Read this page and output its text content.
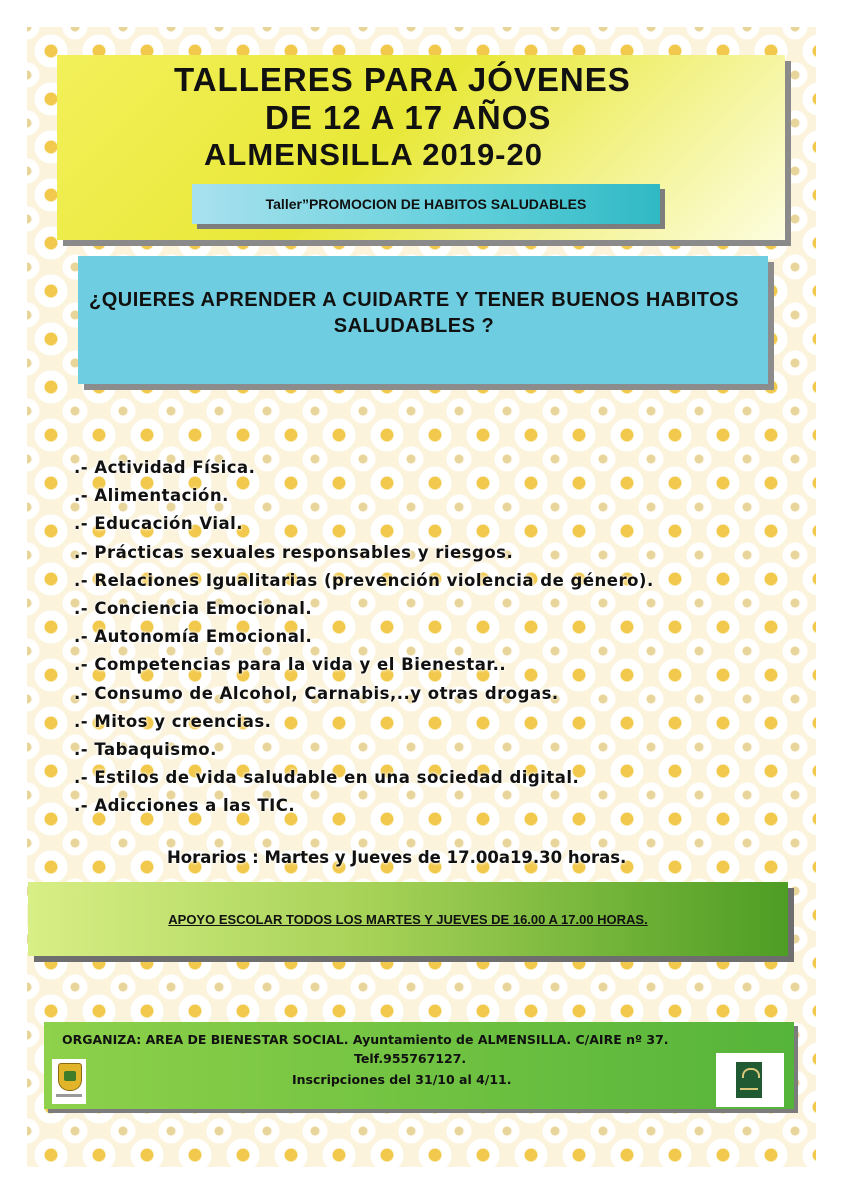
TALLERES PARA JÓVENES
DE 12 A 17 AÑOS
ALMENSILLA 2019-20
Taller”PROMOCION DE HABITOS SALUDABLES
¿QUIERES APRENDER A CUIDARTE Y TENER BUENOS HABITOS SALUDABLES ?
.- Actividad Física.
.- Alimentación.
.- Educación Vial.
.- Prácticas sexuales responsables y riesgos.
.- Relaciones Igualitarias (prevención violencia de género).
.- Conciencia Emocional.
.- Autonomía Emocional.
.- Competencias para la vida y el Bienestar..
.- Consumo de Alcohol, Carnabis,..y otras drogas.
.- Mitos y creencias.
.- Tabaquismo.
.- Estilos de vida saludable en una sociedad digital.
.- Adicciones a las TIC.
Horarios : Martes y Jueves de 17.00a19.30 horas.
APOYO ESCOLAR TODOS LOS MARTES Y JUEVES DE 16.00 A 17.00 HORAS.
ORGANIZA: AREA DE BIENESTAR SOCIAL. Ayuntamiento de ALMENSILLA. C/AIRE nº 37.
Telf.955767127.
Inscripciones del 31/10 al 4/11.
